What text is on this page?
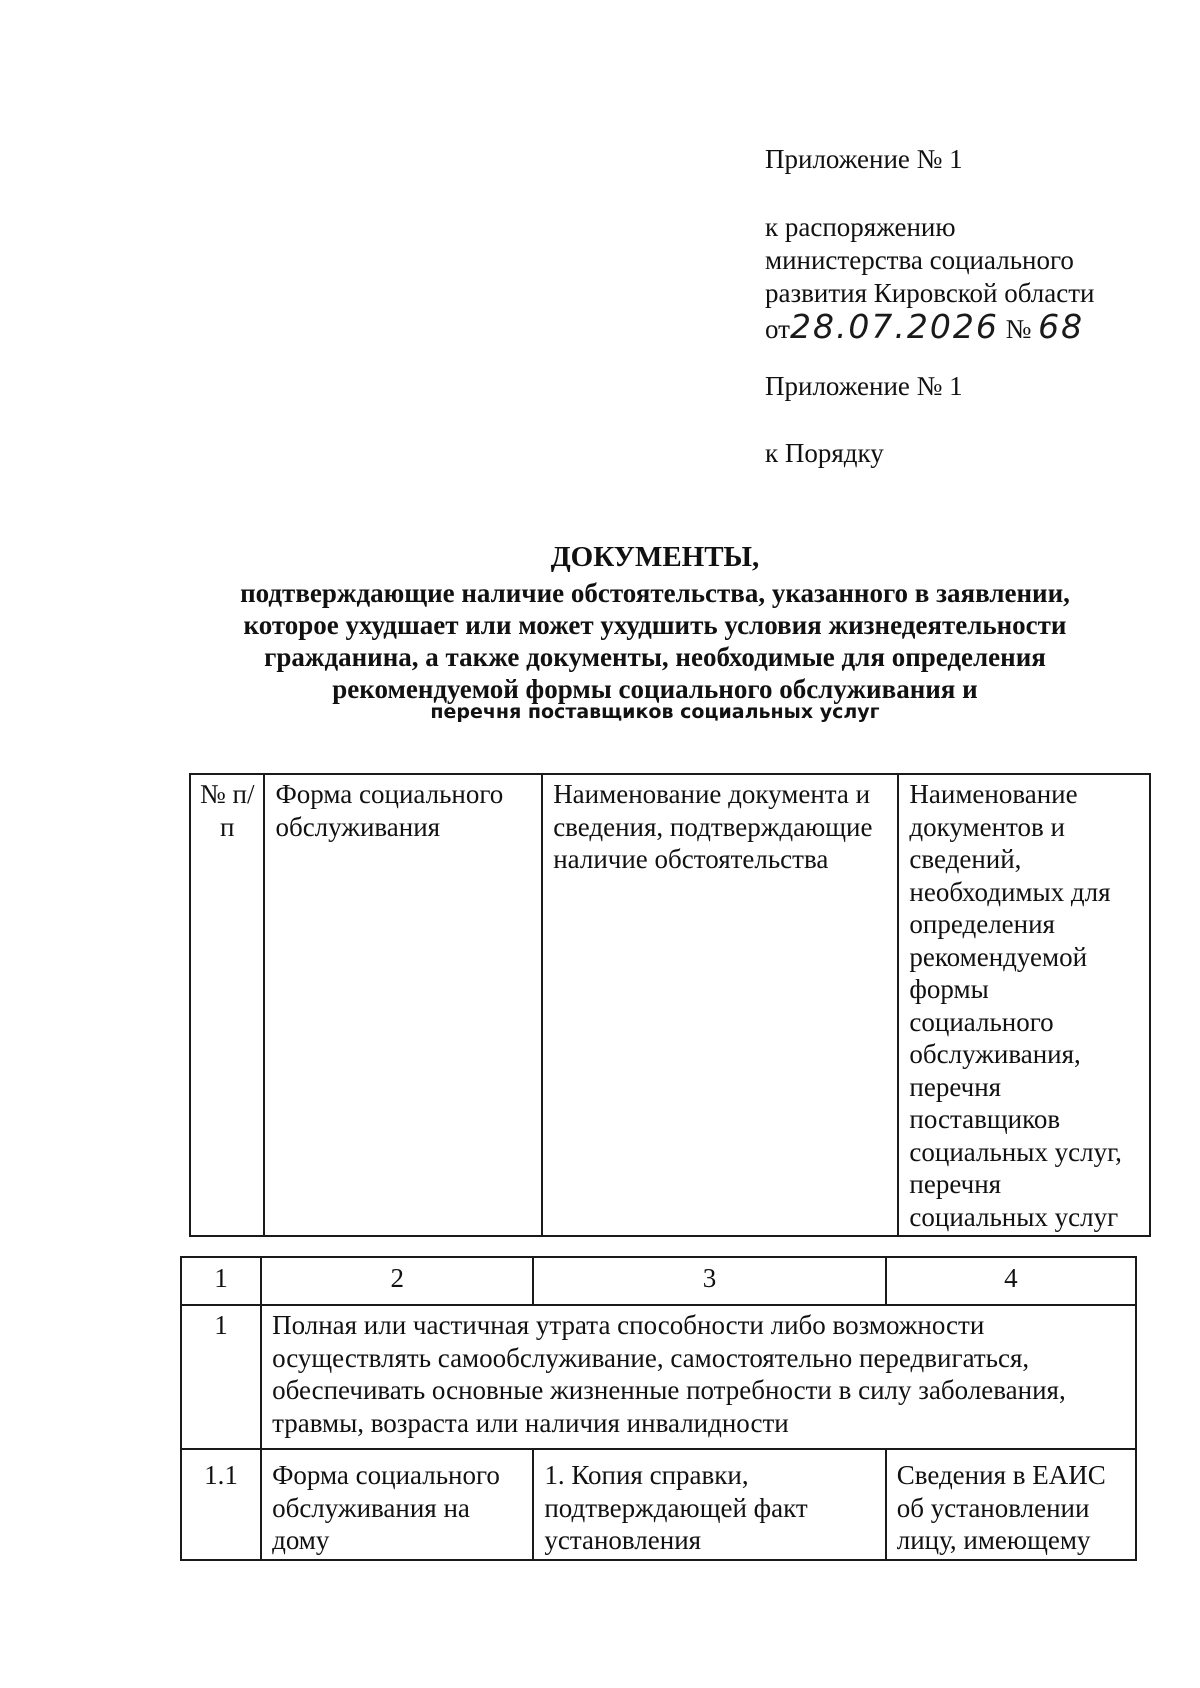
Приложение № 1
к распоряжению
министерства социального
развития Кировской области
от28.07.2026 № 68
Приложение № 1
к Порядку
ДОКУМЕНТЫ,
подтверждающие наличие обстоятельства, указанного в заявлении,
которое ухудшает или может ухудшить условия жизнедеятельности
гражданина, а также документы, необходимые для определения
рекомендуемой формы социального обслуживания и
перечня поставщиков социальных услуг
№ п/п	Форма социального обслуживания	Наименование документа и сведения, подтверждающие наличие обстоятельства	Наименование документов и сведений, необходимых для определения рекомендуемой формы социального обслуживания, перечня поставщиков социальных услуг, перечня социальных услуг
1	2	3	4
1	Полная или частичная утрата способности либо возможности осуществлять самообслуживание, самостоятельно передвигаться, обеспечивать основные жизненные потребности в силу заболевания, травмы, возраста или наличия инвалидности		
1.1	Форма социального обслуживания на дому	1. Копия справки, подтверждающей факт установления	Сведения в ЕАИС об установлении лицу, имеющему
